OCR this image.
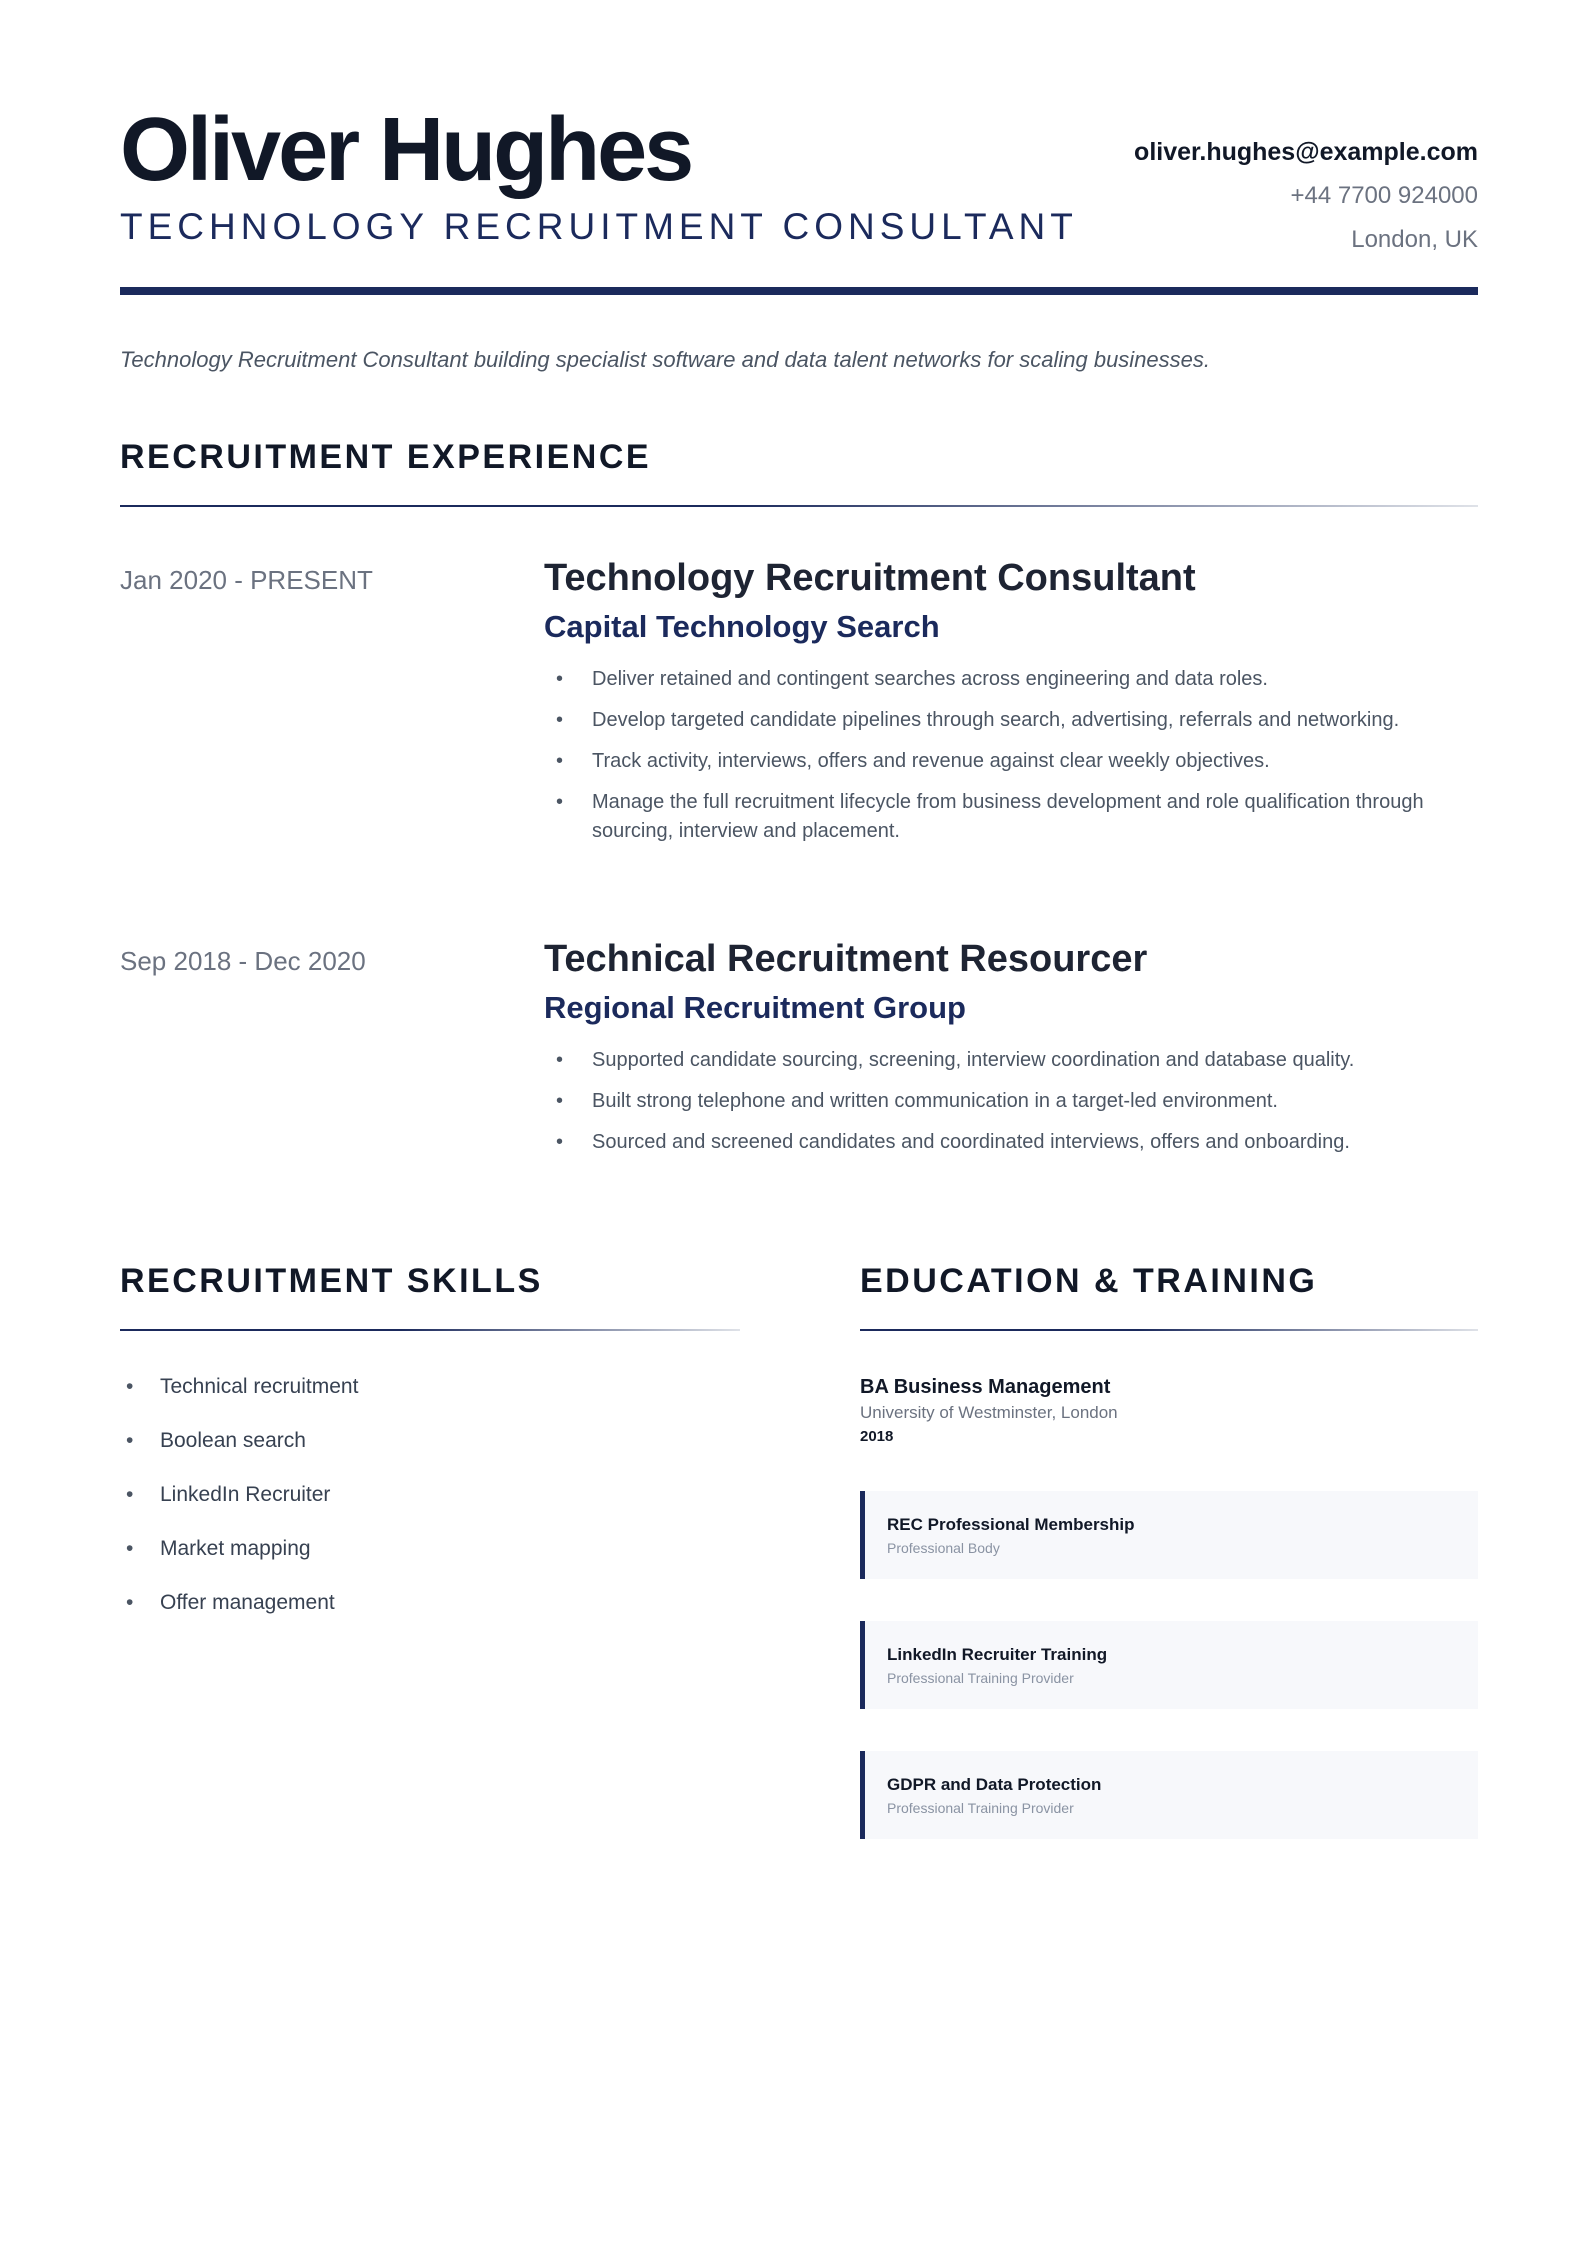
Oliver Hughes
TECHNOLOGY RECRUITMENT CONSULTANT
oliver.hughes@example.com
+44 7700 924000
London, UK
Technology Recruitment Consultant building specialist software and data talent networks for scaling businesses.
RECRUITMENT EXPERIENCE
Jan 2020 - PRESENT	Technology Recruitment Consultant
Capital Technology Search
• Deliver retained and contingent searches across engineering and data roles.
• Develop targeted candidate pipelines through search, advertising, referrals and networking.
• Track activity, interviews, offers and revenue against clear weekly objectives.
• Manage the full recruitment lifecycle from business development and role qualification through sourcing, interview and placement.
Sep 2018 - Dec 2020	Technical Recruitment Resourcer
Regional Recruitment Group
• Supported candidate sourcing, screening, interview coordination and database quality.
• Built strong telephone and written communication in a target-led environment.
• Sourced and screened candidates and coordinated interviews, offers and onboarding.
RECRUITMENT SKILLS
• Technical recruitment
• Boolean search
• LinkedIn Recruiter
• Market mapping
• Offer management
EDUCATION & TRAINING
BA Business Management
University of Westminster, London
2018
REC Professional Membership
Professional Body
LinkedIn Recruiter Training
Professional Training Provider
GDPR and Data Protection
Professional Training Provider
